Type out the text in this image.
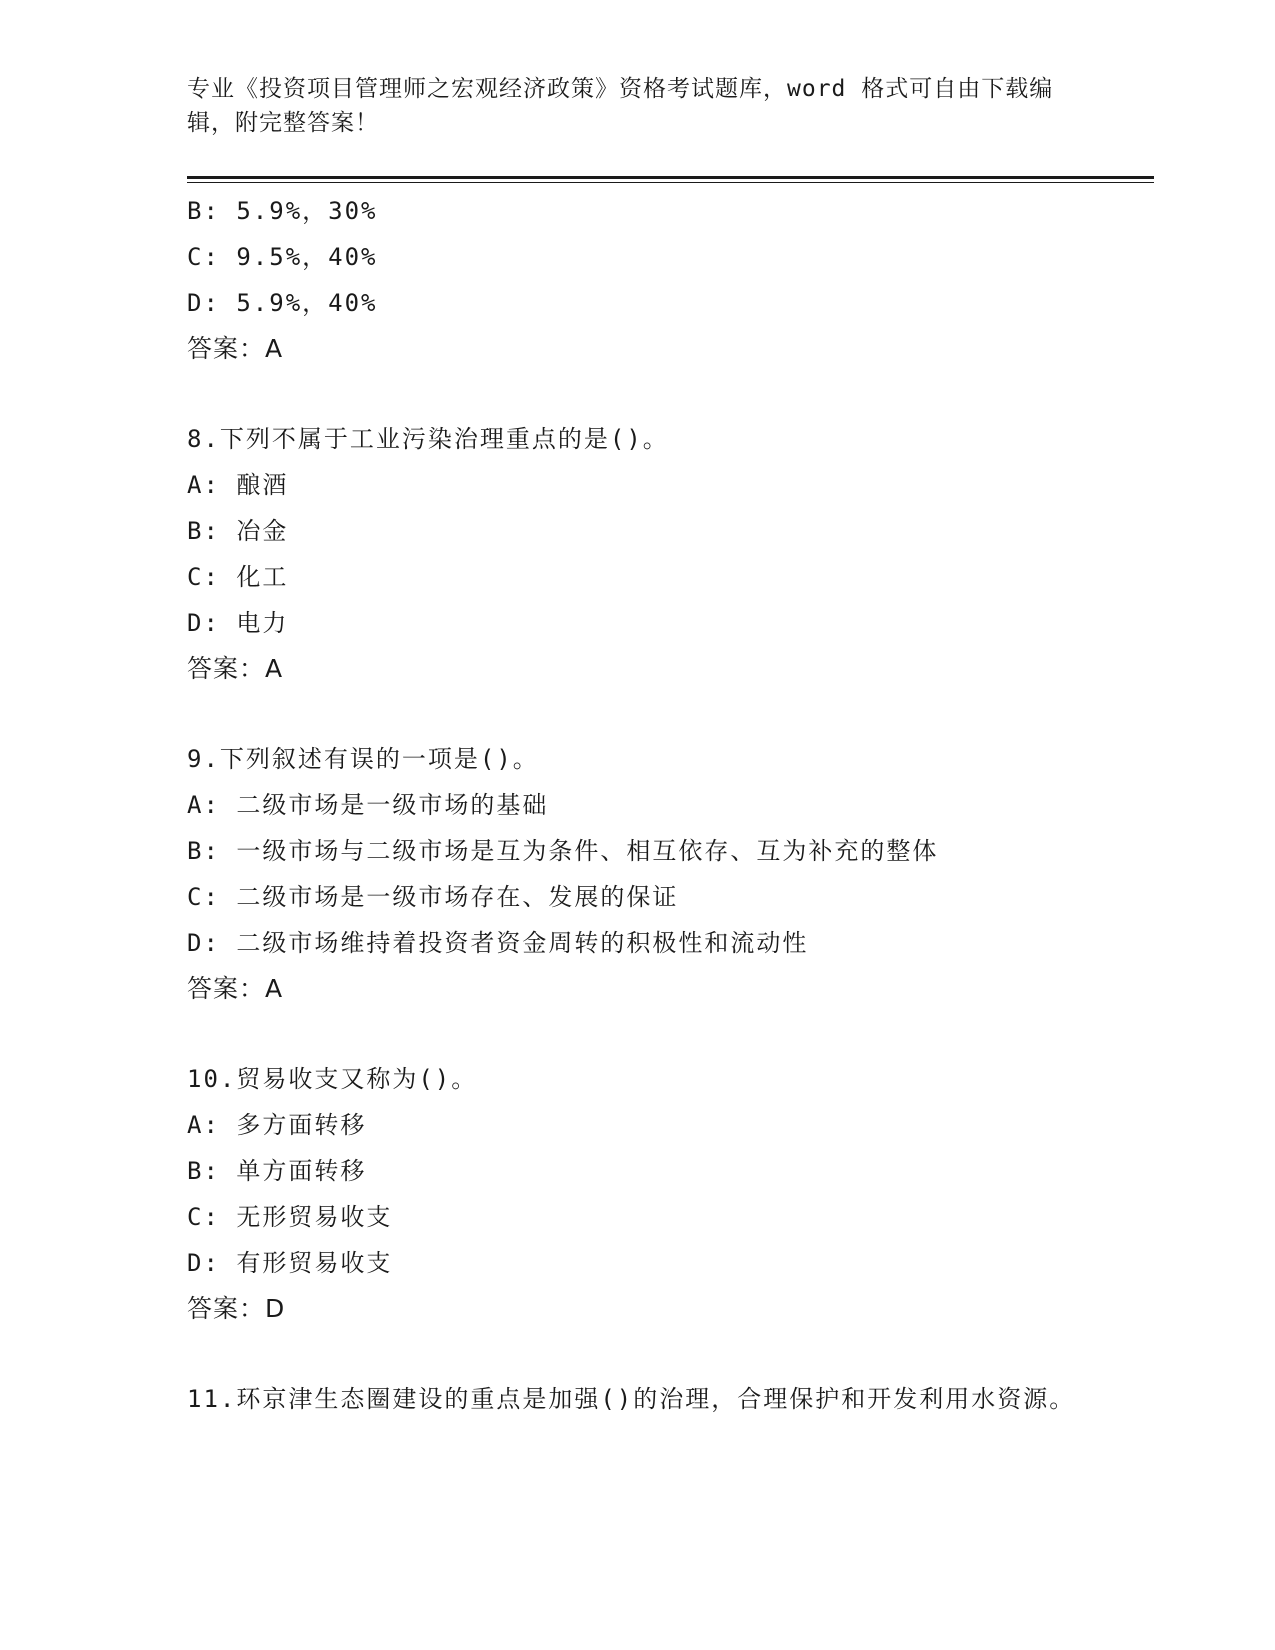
专业《投资项目管理师之宏观经济政策》资格考试题库，word 格式可自由下载编辑，附完整答案！
B: 5.9%，30%
C: 9.5%，40%
D: 5.9%，40%
答案：A
8.下列不属于工业污染治理重点的是()。
A: 酿酒
B: 冶金
C: 化工
D: 电力
答案：A
9.下列叙述有误的一项是()。
A: 二级市场是一级市场的基础
B: 一级市场与二级市场是互为条件、相互依存、互为补充的整体
C: 二级市场是一级市场存在、发展的保证
D: 二级市场维持着投资者资金周转的积极性和流动性
答案：A
10.贸易收支又称为()。
A: 多方面转移
B: 单方面转移
C: 无形贸易收支
D: 有形贸易收支
答案：D
11.环京津生态圈建设的重点是加强()的治理，合理保护和开发利用水资源。
